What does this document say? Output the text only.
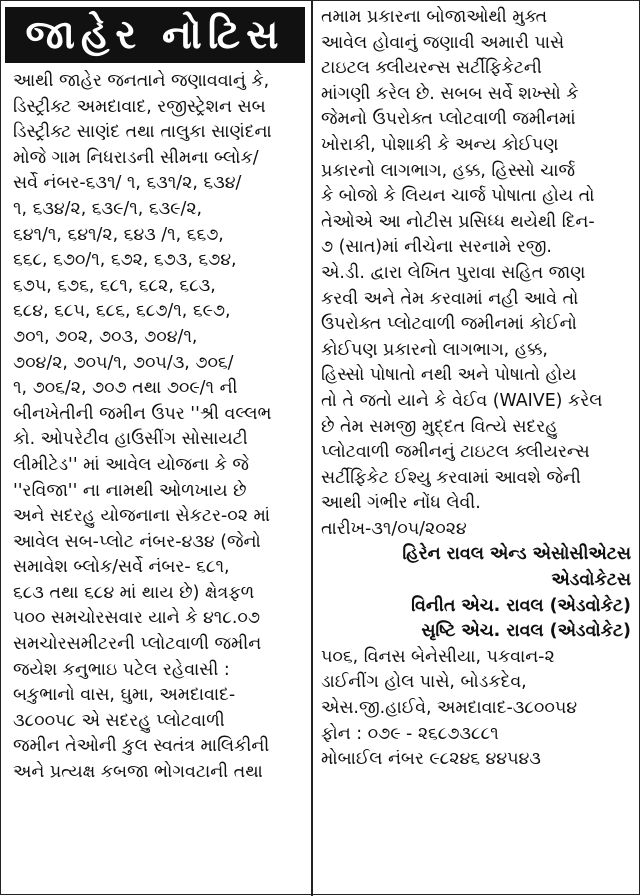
જાહેર નોટિસ
આથી જાહેર જનતાને જણાવવાનું કે,
ડિસ્ટ્રીક્ટ અમદાવાદ, રજીસ્ટ્રેશન સબ
ડિસ્ટ્રીક્ટ સાણંદ તથા તાલુકા સાણંદના
મોજે ગામ નિધરાડની સીમના બ્લોક/
સર્વે નંબર-૬૩૧/ ૧, ૬૩૧/૨, ૬૩૪/
૧, ૬૩૪/૨, ૬૩૯/૧, ૬૩૯/૨,
૬૪૧/૧, ૬૪૧/૨, ૬૪૩ /૧, ૬૬૭,
૬૬૮, ૬૭૦/૧, ૬૭૨, ૬૭૩, ૬૭૪,
૬૭૫, ૬૭૬, ૬૮૧, ૬૮૨, ૬૮૩,
૬૮૪, ૬૮૫, ૬૮૬, ૬૮૭/૧, ૬૯૭,
૭૦૧, ૭૦૨, ૭૦૩, ૭૦૪/૧,
૭૦૪/૨, ૭૦૫/૧, ૭૦૫/૩, ૭૦૬/
૧, ૭૦૬/૨, ૭૦૭ તથા ૭૦૯/૧ ની
બીનખેતીની જમીન ઉપર ''શ્રી વલ્લભ
કો. ઓપરેટીવ હાઉસીંગ સોસાયટી
લીમીટેડ'' માં આવેલ યોજના કે જે
''રવિજા'' ના નામથી ઓળખાય છે
અને સદરહુ યોજનાના સેકટર-૦૨ માં
આવેલ સબ-પ્લોટ નંબર-૪૩૪ (જેનો
સમાવેશ બ્લોક/સર્વે નંબર- ૬૮૧,
૬૮૩ તથા ૬૮૪ માં થાય છે) ક્ષેત્રફળ
૫૦૦ સમચોરસવાર યાને કે ૪૧૮.૦૭
સમચોરસમીટરની પ્લોટવાળી જમીન
જયેશ કનુભાઇ પટેલ રહેવાસી :
બકુભાનો વાસ, ઘુમા, અમદાવાદ-
૩૮૦૦૫૮ એ સદરહુ પ્લોટવાળી
જમીન તેઓની કુલ સ્વતંત્ર માલિકીની
અને પ્રત્યક્ષ કબજા ભોગવટાની તથા
તમામ પ્રકારના બોજાઓથી મુક્ત
આવેલ હોવાનું જણાવી અમારી પાસે
ટાઇટલ ક્લીયરન્સ સર્ટીફિકેટની
માંગણી કરેલ છે. સબબ સર્વે શખ્સો કે
જેમનો ઉપરોક્ત પ્લોટવાળી જમીનમાં
ખોરાકી, પોશાકી કે અન્ય કોઈપણ
પ્રકારનો લાગભાગ, હક્ક, હિસ્સો ચાર્જ
કે બોજો કે લિયન ચાર્જ પોષાતા હોય તો
તેઓએ આ નોટીસ પ્રસિધ્ધ થયેથી દિન-
૭ (સાત)માં નીચેના સરનામે રજી.
એ.ડી. દ્વારા લેખિત પુરાવા સહિત જાણ
કરવી અને તેમ કરવામાં નહી આવે તો
ઉપરોક્ત પ્લોટવાળી જમીનમાં કોઈનો
કોઈપણ પ્રકારનો લાગભાગ, હક્ક,
હિસ્સો પોષાતો નથી અને પોષાતો હોય
તો તે જતો યાને કે વેઈવ (WAIVE) કરેલ
છે તેમ સમજી મુદ્દત વિત્યે સદરહુ
પ્લોટવાળી જમીનનું ટાઇટલ ક્લીયરન્સ
સર્ટીફિકેટ ઈશ્યુ કરવામાં આવશે જેની
આથી ગંભીર નોંધ લેવી.
તારીખ-૩૧/૦૫/૨૦૨૪
હિરેન રાવલ એન્ડ એસોસીએટસ
એડવોકેટસ
વિનીત એચ. રાવલ (એડવોકેટ)
સૃષ્ટિ એચ. રાવલ (એડવોકેટ)
૫૦૬, વિનસ બેનેસીયા, પકવાન-૨
ડાઈનીંગ હોલ પાસે, બોડકદેવ,
એસ.જી.હાઈવે, અમદાવાદ-૩૮૦૦૫૪
ફોન : ૦૭૯ - ૨૬૮૭૩૮૮૧
મોબાઈલ નંબર ૯૮૨૪૬ ૪૪૫૪૩
